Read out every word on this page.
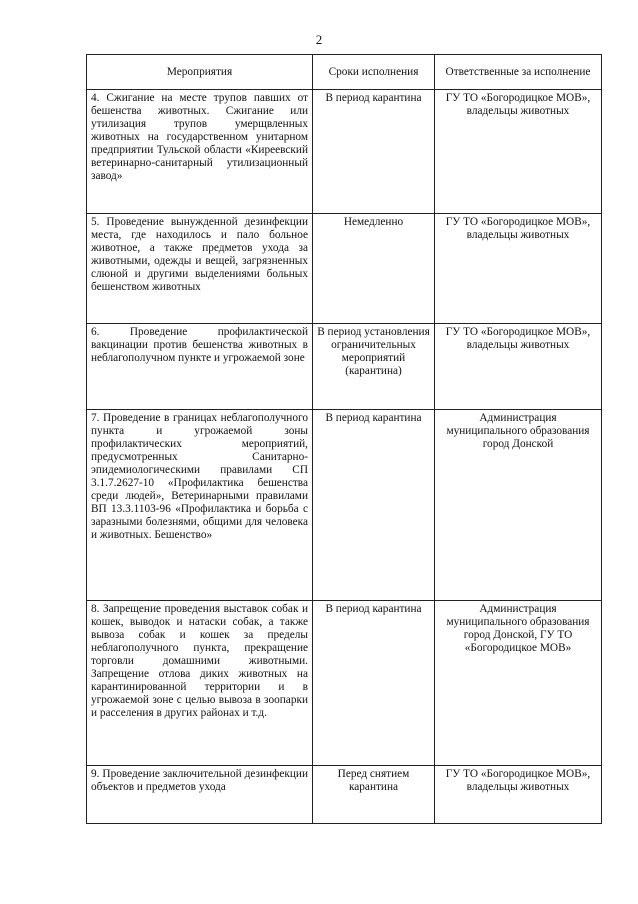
2
Мероприятия	Сроки исполнения	Ответственные за исполнение
4. Сжигание на месте трупов павших от бешенства животных. Сжигание или утилизация трупов умерщвленных животных на государственном унитарном предприятии Тульской области «Киреевский ветеринарно-санитарный утилизационный завод»	В период карантина	ГУ ТО «Богородицкое МОВ», владельцы животных
5. Проведение вынужденной дезинфекции места, где находилось и пало больное животное, а также предметов ухода за животными, одежды и вещей, загрязненных слюной и другими выделениями больных бешенством животных	Немедленно	ГУ ТО «Богородицкое МОВ», владельцы животных
6. Проведение профилактической вакцинации против бешенства животных в неблагополучном пункте и угрожаемой зоне	В период установления ограничительных мероприятий (карантина)	ГУ ТО «Богородицкое МОВ», владельцы животных
7. Проведение в границах неблагополучного пункта и угрожаемой зоны профилактических мероприятий, предусмотренных Санитарно-эпидемиологическими правилами СП 3.1.7.2627-10 «Профилактика бешенства среди людей», Ветеринарными правилами ВП 13.3.1103-96 «Профилактика и борьба с заразными болезнями, общими для человека и животных. Бешенство»	В период карантина	Администрация муниципального образования город Донской
8. Запрещение проведения выставок собак и кошек, выводок и натаски собак, а также вывоза собак и кошек за пределы неблагополучного пункта, прекращение торговли домашними животными. Запрещение отлова диких животных на карантинированной территории и в угрожаемой зоне с целью вывоза в зоопарки и расселения в других районах и т.д.	В период карантина	Администрация муниципального образования город Донской, ГУ ТО «Богородицкое МОВ»
9. Проведение заключительной дезинфекции объектов и предметов ухода	Перед снятием карантина	ГУ ТО «Богородицкое МОВ», владельцы животных
